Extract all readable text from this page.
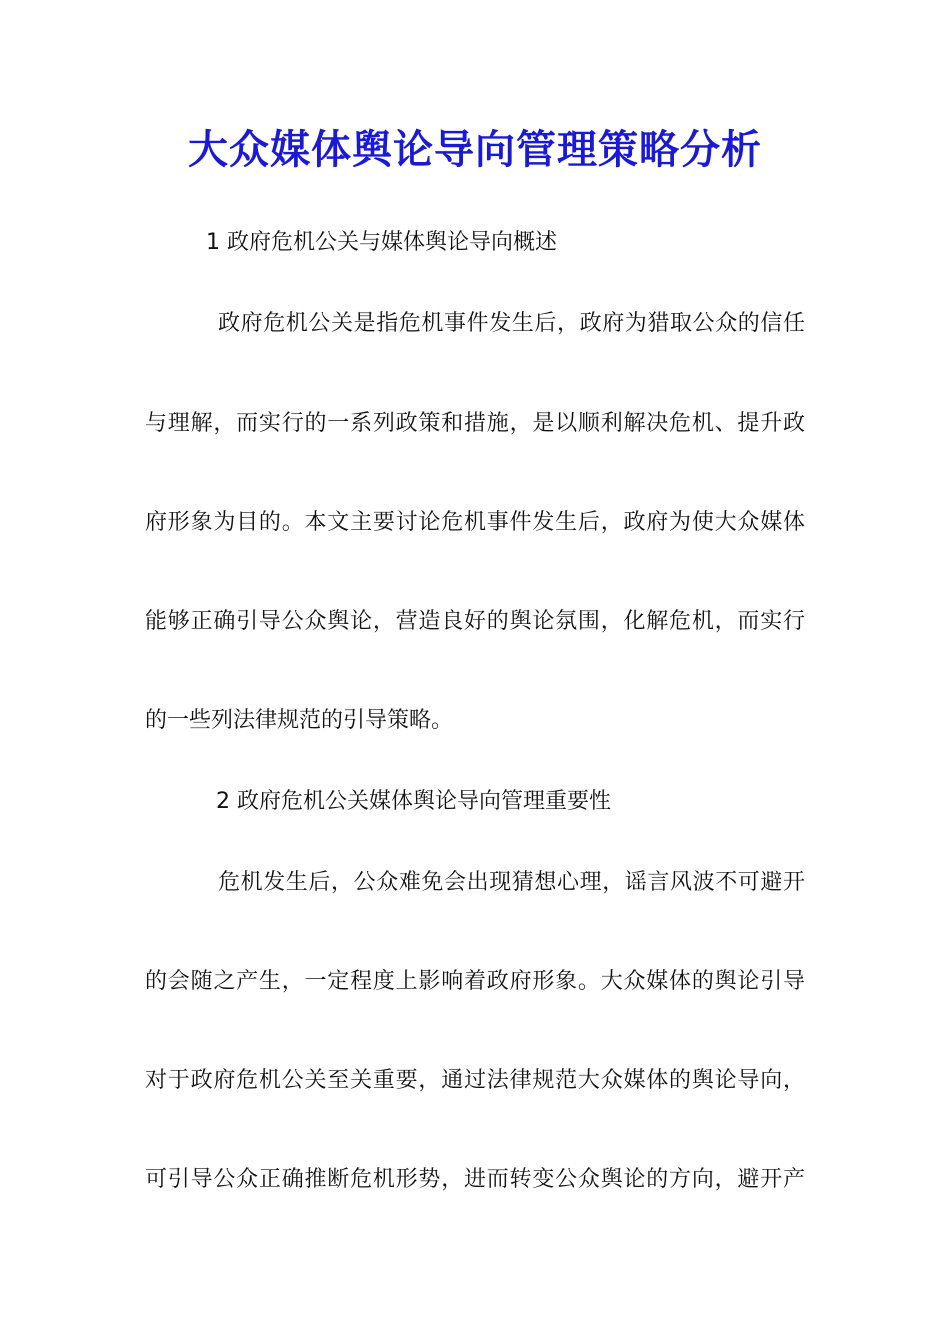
大众媒体舆论导向管理策略分析
1 政府危机公关与媒体舆论导向概述
政府危机公关是指危机事件发生后，政府为猎取公众的信任
与理解，而实行的一系列政策和措施，是以顺利解决危机、提升政
府形象为目的。本文主要讨论危机事件发生后，政府为使大众媒体
能够正确引导公众舆论，营造良好的舆论氛围，化解危机，而实行
的一些列法律规范的引导策略。
2 政府危机公关媒体舆论导向管理重要性
危机发生后，公众难免会出现猜想心理，谣言风波不可避开
的会随之产生，一定程度上影响着政府形象。大众媒体的舆论引导
对于政府危机公关至关重要，通过法律规范大众媒体的舆论导向，
可引导公众正确推断危机形势，进而转变公众舆论的方向，避开产
